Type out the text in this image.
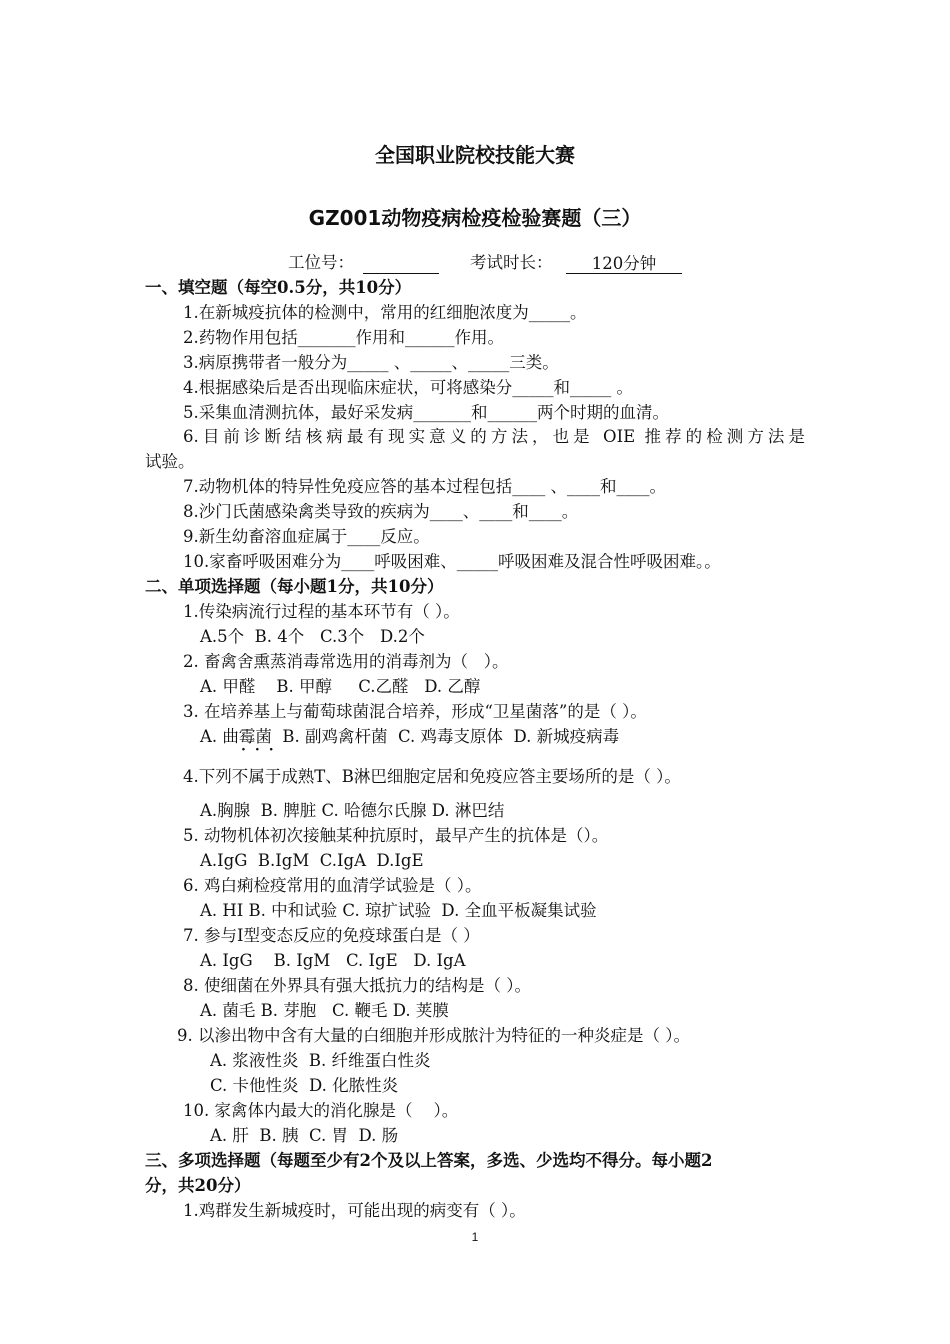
全国职业院校技能大赛
GZ001动物疫病检疫检验赛题（三）
工位号：	考试时长：	120分钟
一、填空题（每空0.5分，共10分）
1.在新城疫抗体的检测中，常用的红细胞浓度为_____。
2.药物作用包括_______作用和______作用。
3.病原携带者一般分为_____ 、_____、_____三类。
4.根据感染后是否出现临床症状，可将感染分_____和_____ 。
5.采集血清测抗体，最好采发病_______和______两个时期的血清。
6.目前诊断结核病最有现实意义的方法，也是 OIE 推荐的检测方法是
试验。
7.动物机体的特异性免疫应答的基本过程包括____ 、____和____。
8.沙门氏菌感染禽类导致的疾病为____、____和____。
9.新生幼畜溶血症属于____反应。
10.家畜呼吸困难分为____呼吸困难、_____呼吸困难及混合性呼吸困难。。
二、单项选择题（每小题1分，共10分）
1.传染病流行过程的基本环节有（ ）。
A.5个  B. 4个   C.3个   D.2个
2. 畜禽舍熏蒸消毒常选用的消毒剂为（   ）。
A. 甲醛    B. 甲醇     C.乙醛   D. 乙醇
3. 在培养基上与葡萄球菌混合培养，形成“卫星菌落”的是（ ）。
A. 曲霉菌  B. 副鸡禽杆菌  C. 鸡毒支原体  D. 新城疫病毒
···
4.下列不属于成熟T、B淋巴细胞定居和免疫应答主要场所的是（ ）。
A.胸腺  B. 脾脏 C. 哈德尔氏腺 D. 淋巴结
5. 动物机体初次接触某种抗原时，最早产生的抗体是（）。
A.IgG  B.IgM  C.IgA  D.IgE
6. 鸡白痢检疫常用的血清学试验是（ ）。
A. HI B. 中和试验 C. 琼扩试验  D. 全血平板凝集试验
7. 参与Ⅰ型变态反应的免疫球蛋白是（ ）
A. IgG    B. IgM   C. IgE   D. IgA
8. 使细菌在外界具有强大抵抗力的结构是（ ）。
A. 菌毛 B. 芽胞   C. 鞭毛 D. 荚膜
9. 以渗出物中含有大量的白细胞并形成脓汁为特征的一种炎症是（ ）。
A. 浆液性炎  B. 纤维蛋白性炎
C. 卡他性炎  D. 化脓性炎
10. 家禽体内最大的消化腺是（    ）。
A. 肝  B. 胰  C. 胃  D. 肠
三、多项选择题（每题至少有2个及以上答案，多选、少选均不得分。每小题2
分，共20分）
1.鸡群发生新城疫时，可能出现的病变有（ ）。
1
